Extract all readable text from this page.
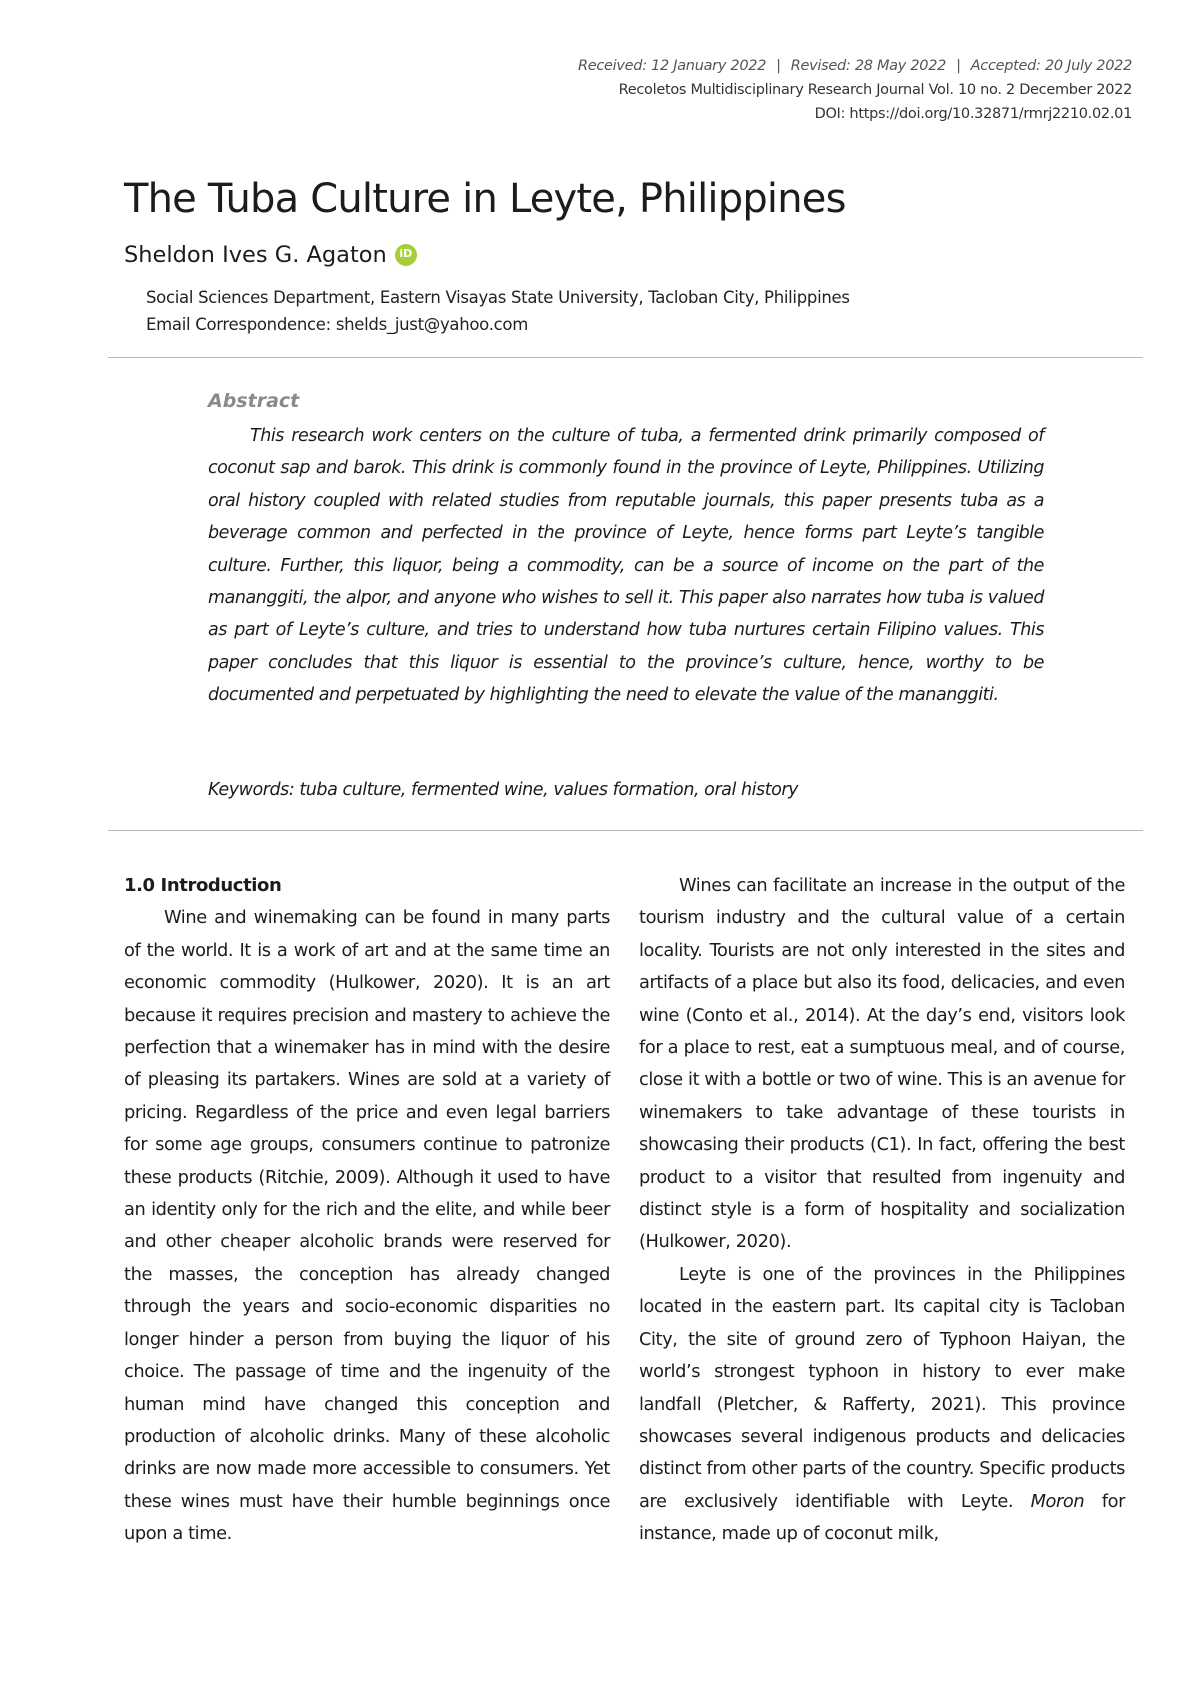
Received: 12 January 2022 | Revised: 28 May 2022 | Accepted: 20 July 2022
Recoletos Multidisciplinary Research Journal Vol. 10 no. 2 December 2022
DOI: https://doi.org/10.32871/rmrj2210.02.01
The Tuba Culture in Leyte, Philippines
Sheldon Ives G. Agaton
iD
Social Sciences Department, Eastern Visayas State University, Tacloban City, Philippines
Email Correspondence: shelds_just@yahoo.com
Abstract

This research work centers on the culture of tuba, a fermented drink primarily composed of coconut sap and barok. This drink is commonly found in the province of Leyte, Philippines. Utilizing oral history coupled with related studies from reputable journals, this paper presents tuba as a beverage common and perfected in the province of Leyte, hence forms part Leyte’s tangible culture. Further, this liquor, being a commodity, can be a source of income on the part of the mananggiti, the alpor, and anyone who wishes to sell it. This paper also narrates how tuba is valued as part of Leyte’s culture, and tries to understand how tuba nurtures certain Filipino values. This paper concludes that this liquor is essential to the province’s culture, hence, worthy to be documented and perpetuated by highlighting the need to elevate the value of the mananggiti.

Keywords: tuba culture, fermented wine, values formation, oral history
1.0 Introduction

Wine and winemaking can be found in many parts of the world. It is a work of art and at the same time an economic commodity (Hulkower, 2020). It is an art because it requires precision and mastery to achieve the perfection that a winemaker has in mind with the desire of pleasing its partakers. Wines are sold at a variety of pricing. Regardless of the price and even legal barriers for some age groups, consumers continue to patronize these products (Ritchie, 2009). Although it used to have an identity only for the rich and the elite, and while beer and other cheaper alcoholic brands were reserved for the masses, the conception has already changed through the years and socio-economic disparities no longer hinder a person from buying the liquor of his choice. The passage of time and the ingenuity of the human mind have changed this conception and production of alcoholic drinks. Many of these alcoholic drinks are now made more accessible to consumers. Yet these wines must have their humble beginnings once upon a time.

Wines can facilitate an increase in the output of the tourism industry and the cultural value of a certain locality. Tourists are not only interested in the sites and artifacts of a place but also its food, delicacies, and even wine (Conto et al., 2014). At the day’s end, visitors look for a place to rest, eat a sumptuous meal, and of course, close it with a bottle or two of wine. This is an avenue for winemakers to take advantage of these tourists in showcasing their products (C1). In fact, offering the best product to a visitor that resulted from ingenuity and distinct style is a form of hospitality and socialization (Hulkower, 2020).

Leyte is one of the provinces in the Philippines located in the eastern part. Its capital city is Tacloban City, the site of ground zero of Typhoon Haiyan, the world’s strongest typhoon in history to ever make landfall (Pletcher, & Rafferty, 2021). This province showcases several indigenous products and delicacies distinct from other parts of the country. Specific products are exclusively identifiable with Leyte. Moron for instance, made up of coconut milk,
